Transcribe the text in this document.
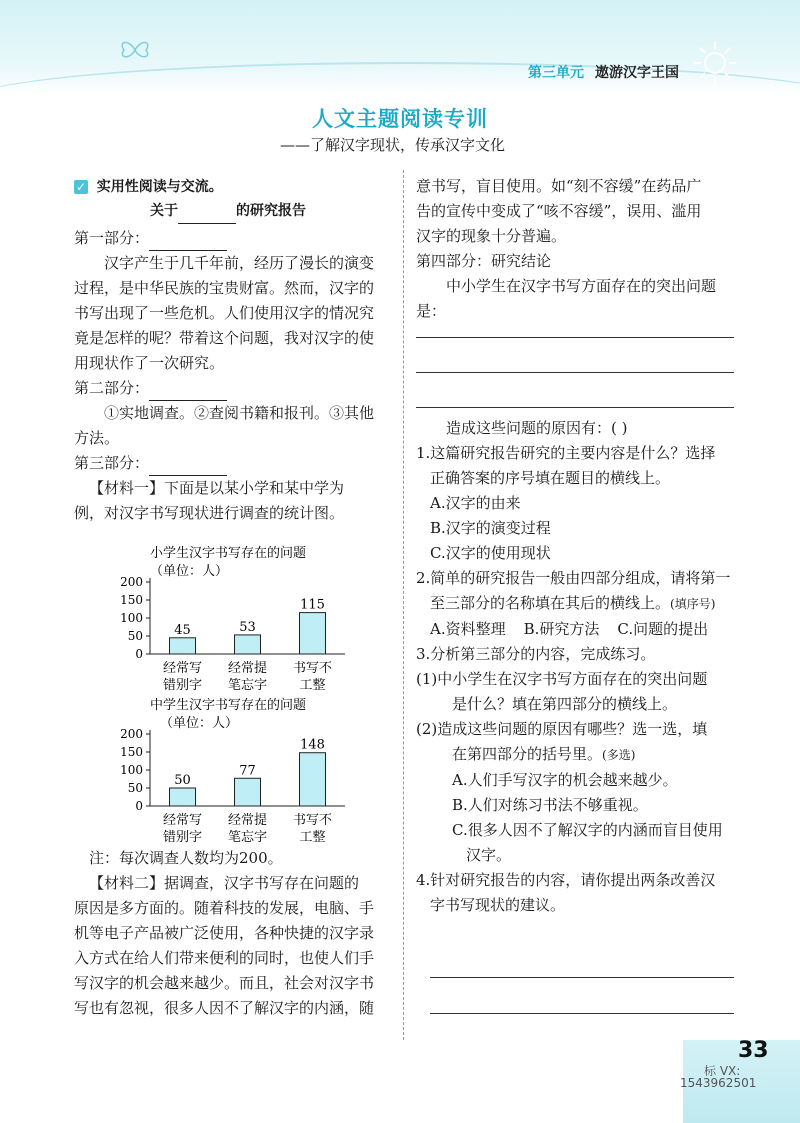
第三单元 遨游汉字王国
人文主题阅读专训
——了解汉字现状，传承汉字文化
✓ 实用性阅读与交流。
关于	的研究报告
第一部分：
汉字产生于几千年前，经历了漫长的演变
过程，是中华民族的宝贵财富。然而，汉字的
书写出现了一些危机。人们使用汉字的情况究
竟是怎样的呢？带着这个问题，我对汉字的使
用现状作了一次研究。
第二部分：
①实地调查。②查阅书籍和报刊。③其他
方法。
第三部分：
【材料一】下面是以某小学和某中学为
例，对汉字书写现状进行调查的统计图。
小学生汉字书写存在的问题
（单位：人）
0
50
100
150
200
45
经常写
错别字
53
经常提
笔忘字
115
书写不
工整
中学生汉字书写存在的问题
（单位：人）
0
50
100
150
200
50
经常写
错别字
77
经常提
笔忘字
148
书写不
工整
注：每次调查人数均为200。
【材料二】据调查，汉字书写存在问题的
原因是多方面的。随着科技的发展，电脑、手
机等电子产品被广泛使用，各种快捷的汉字录
入方式在给人们带来便利的同时，也使人们手
写汉字的机会越来越少。而且，社会对汉字书
写也有忽视，很多人因不了解汉字的内涵，随
意书写，盲目使用。如“刻不容缓”在药品广
告的宣传中变成了“咳不容缓”，误用、滥用
汉字的现象十分普遍。
第四部分：研究结论
中小学生在汉字书写方面存在的突出问题是：
造成这些问题的原因有：( )
1.这篇研究报告研究的主要内容是什么？选择
正确答案的序号填在题目的横线上。
A.汉字的由来
B.汉字的演变过程
C.汉字的使用现状
2.简单的研究报告一般由四部分组成，请将第一
至三部分的名称填在其后的横线上。(填序号)
A.资料整理 B.研究方法 C.问题的提出
3.分析第三部分的内容，完成练习。
(1)中小学生在汉字书写方面存在的突出问题
是什么？填在第四部分的横线上。
(2)造成这些问题的原因有哪些？选一选，填
在第四部分的括号里。(多选)
A.人们手写汉字的机会越来越少。
B.人们对练习书法不够重视。
C.很多人因不了解汉字的内涵而盲目使用
汉字。
4.针对研究报告的内容，请你提出两条改善汉
字书写现状的建议。
33
标 VX:
1543962501
